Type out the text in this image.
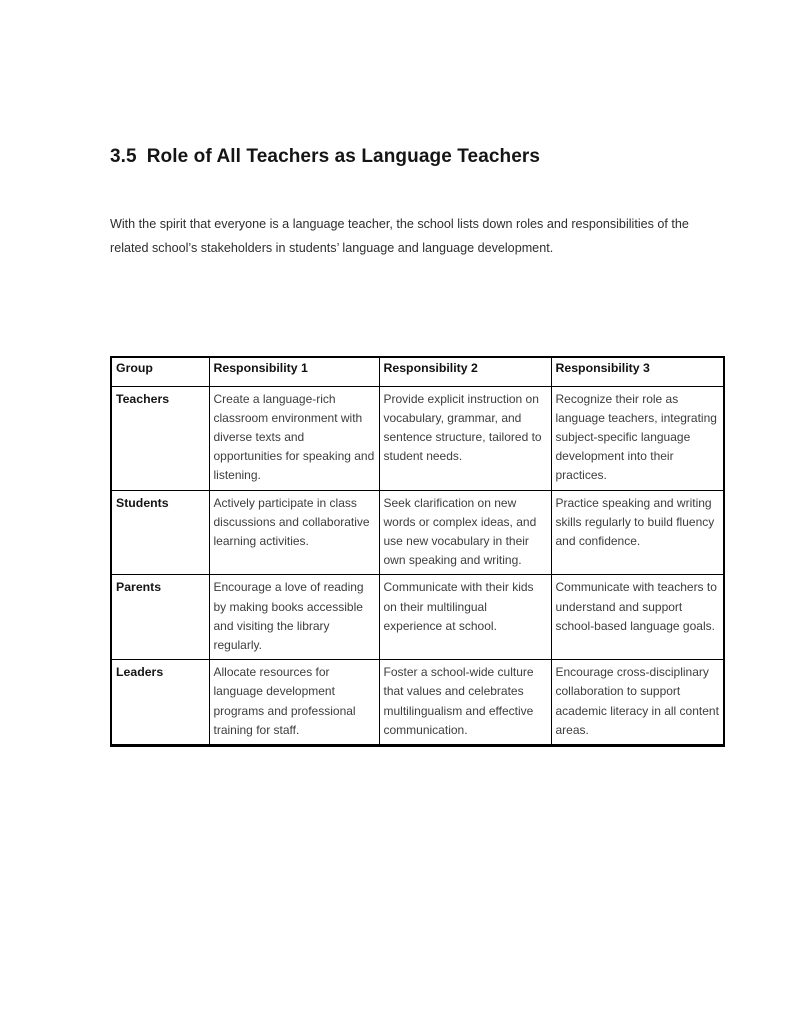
3.5 Role of All Teachers as Language Teachers

With the spirit that everyone is a language teacher, the school lists down roles and responsibilities of the related school’s stakeholders in students’ language and language development.

Group	Responsibility 1	Responsibility 2	Responsibility 3
Teachers	Create a language-rich classroom environment with diverse texts and opportunities for speaking and listening.	Provide explicit instruction on vocabulary, grammar, and sentence structure, tailored to student needs.	Recognize their role as language teachers, integrating subject-specific language development into their practices.
Students	Actively participate in class discussions and collaborative learning activities.	Seek clarification on new words or complex ideas, and use new vocabulary in their own speaking and writing.	Practice speaking and writing skills regularly to build fluency and confidence.
Parents	Encourage a love of reading by making books accessible and visiting the library regularly.	Communicate with their kids on their multilingual experience at school.	Communicate with teachers to understand and support school-based language goals.
Leaders	Allocate resources for language development programs and professional training for staff.	Foster a school-wide culture that values and celebrates multilingualism and effective communication.	Encourage cross-disciplinary collaboration to support academic literacy in all content areas.
